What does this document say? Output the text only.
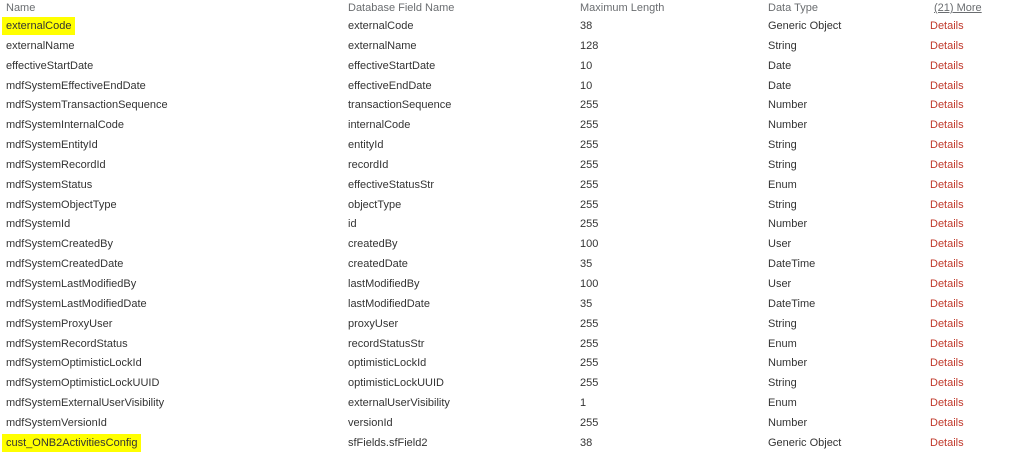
Name	Database Field Name	Maximum Length	Data Type	(21) More
externalCode	externalCode	38	Generic Object	Details
externalName	externalName	128	String	Details
effectiveStartDate	effectiveStartDate	10	Date	Details
mdfSystemEffectiveEndDate	effectiveEndDate	10	Date	Details
mdfSystemTransactionSequence	transactionSequence	255	Number	Details
mdfSystemInternalCode	internalCode	255	Number	Details
mdfSystemEntityId	entityId	255	String	Details
mdfSystemRecordId	recordId	255	String	Details
mdfSystemStatus	effectiveStatusStr	255	Enum	Details
mdfSystemObjectType	objectType	255	String	Details
mdfSystemId	id	255	Number	Details
mdfSystemCreatedBy	createdBy	100	User	Details
mdfSystemCreatedDate	createdDate	35	DateTime	Details
mdfSystemLastModifiedBy	lastModifiedBy	100	User	Details
mdfSystemLastModifiedDate	lastModifiedDate	35	DateTime	Details
mdfSystemProxyUser	proxyUser	255	String	Details
mdfSystemRecordStatus	recordStatusStr	255	Enum	Details
mdfSystemOptimisticLockId	optimisticLockId	255	Number	Details
mdfSystemOptimisticLockUUID	optimisticLockUUID	255	String	Details
mdfSystemExternalUserVisibility	externalUserVisibility	1	Enum	Details
mdfSystemVersionId	versionId	255	Number	Details
cust_ONB2ActivitiesConfig	sfFields.sfField2	38	Generic Object	Details
